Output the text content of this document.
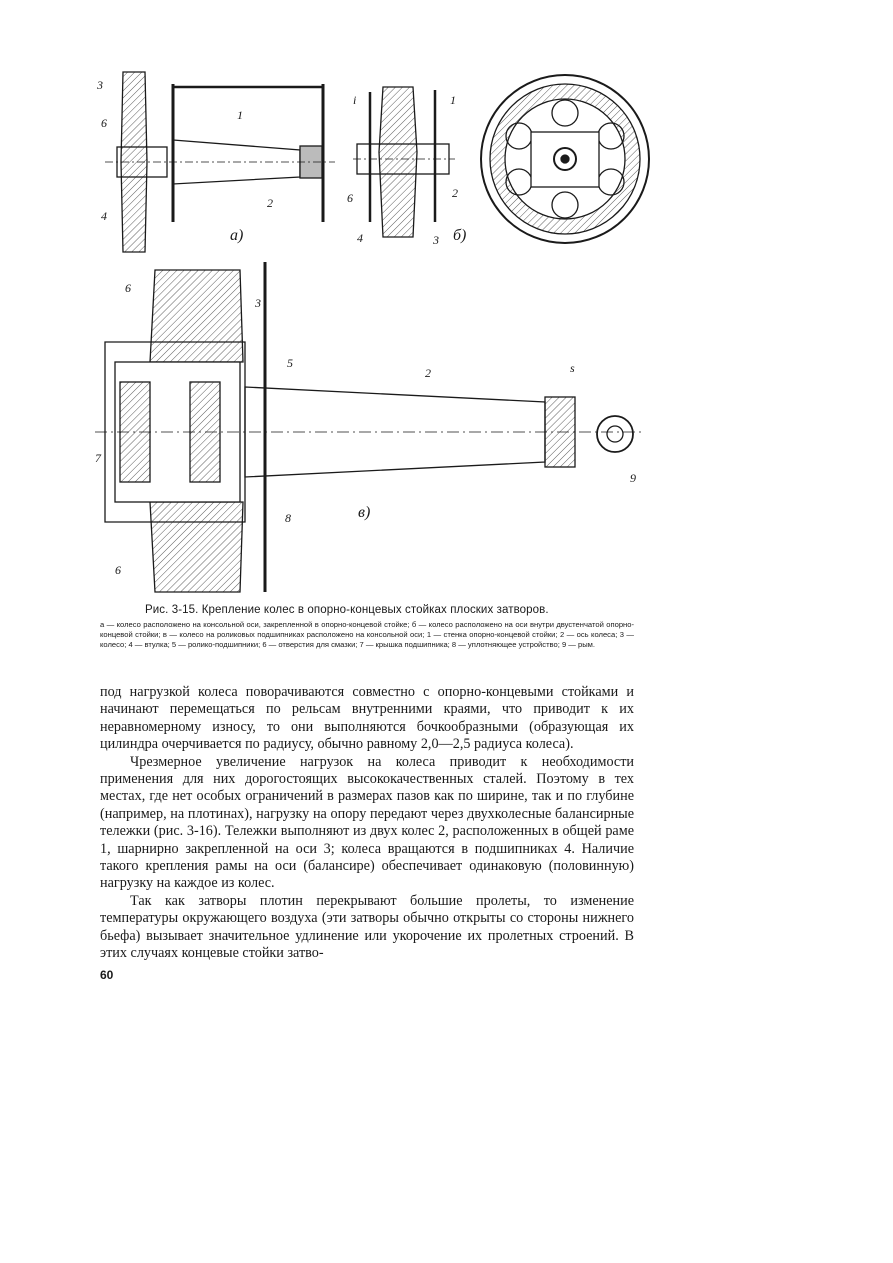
3
1
6
4
2
а)
i	1
6	2
4	3 б)
6
3
5
2	s
7
9
8	в)
6
Рис. 3-15. Крепление колес в опорно-концевых стойках плоских затворов.
а — колесо расположено на консольной оси, закрепленной в опорно-концевой стойке; б — колесо расположено на оси внутри двустенчатой опорно-концевой стойки; в — колесо на роликовых подшипниках расположено на консольной оси; 1 — стенка опорно-концевой стойки; 2 — ось колеса; 3 — колесо; 4 — втулка; 5 — ролико-подшипники; 6 — отверстия для смазки; 7 — крышка подшипника; 8 — уплотняющее устройство; 9 — рым.

под нагрузкой колеса поворачиваются совместно с опорно-концевыми стойками и начинают перемещаться по рельсам внутренними краями, что приводит к их неравномерному износу, то они выполняются бочкообразными (образующая их цилиндра очерчивается по радиусу, обычно равному 2,0—2,5 радиуса колеса).

Чрезмерное увеличение нагрузок на колеса приводит к необходимости применения для них дорогостоящих высококачественных сталей. Поэтому в тех местах, где нет особых ограничений в размерах пазов как по ширине, так и по глубине (например, на плотинах), нагрузку на опору передают через двухколесные балансирные тележки (рис. 3-16). Тележки выполняют из двух колес 2, расположенных в общей раме 1, шарнирно закрепленной на оси 3; колеса вращаются в подшипниках 4. Наличие такого крепления рамы на оси (балансире) обеспечивает одинаковую (половинную) нагрузку на каждое из колес.

Так как затворы плотин перекрывают большие пролеты, то изменение температуры окружающего воздуха (эти затворы обычно открыты со стороны нижнего бьефа) вызывает значительное удлинение или укорочение их пролетных строений. В этих случаях концевые стойки затво-

60
